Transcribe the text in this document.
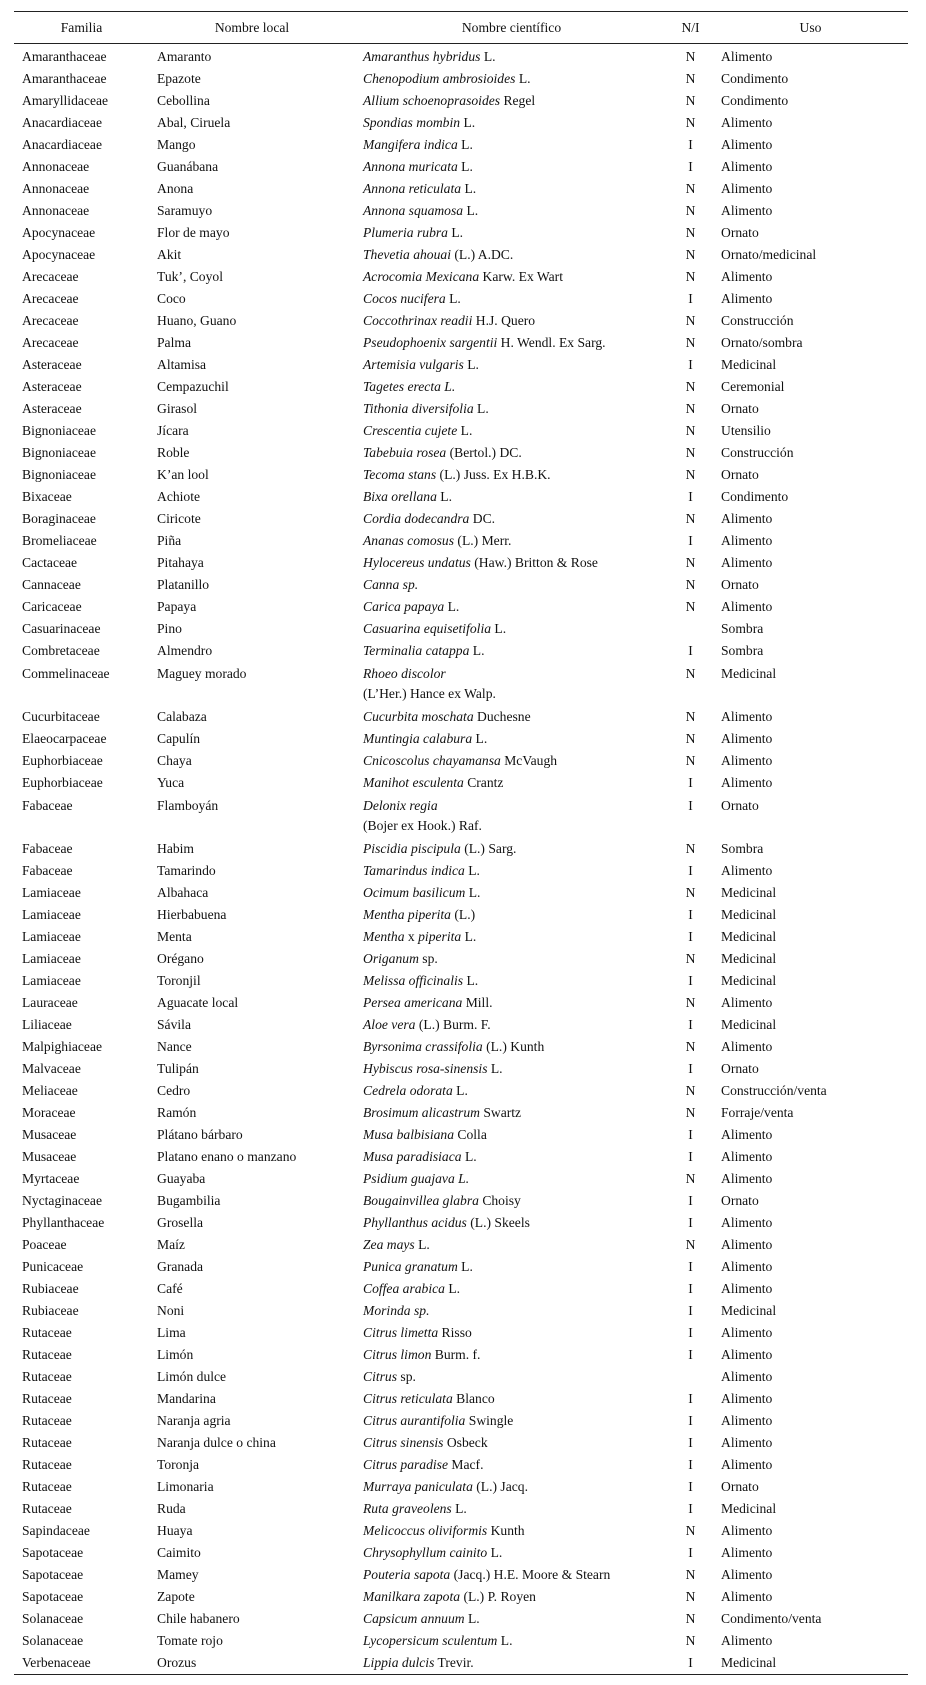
Familia	Nombre local	Nombre científico	N/I	Uso
Amaranthaceae	Amaranto	Amaranthus hybridus L.	N	Alimento
Amaranthaceae	Epazote	Chenopodium ambrosioides L.	N	Condimento
Amaryllidaceae	Cebollina	Allium schoenoprasoides Regel	N	Condimento
Anacardiaceae	Abal, Ciruela	Spondias mombin L.	N	Alimento
Anacardiaceae	Mango	Mangifera indica L.	I	Alimento
Annonaceae	Guanábana	Annona muricata L.	I	Alimento
Annonaceae	Anona	Annona reticulata L.	N	Alimento
Annonaceae	Saramuyo	Annona squamosa L.	N	Alimento
Apocynaceae	Flor de mayo	Plumeria rubra L.	N	Ornato
Apocynaceae	Akit	Thevetia ahouai (L.) A.DC.	N	Ornato/medicinal
Arecaceae	Tuk’, Coyol	Acrocomia Mexicana Karw. Ex Wart	N	Alimento
Arecaceae	Coco	Cocos nucifera L.	I	Alimento
Arecaceae	Huano, Guano	Coccothrinax readii H.J. Quero	N	Construcción
Arecaceae	Palma	Pseudophoenix sargentii H. Wendl. Ex Sarg.	N	Ornato/sombra
Asteraceae	Altamisa	Artemisia vulgaris L.	I	Medicinal
Asteraceae	Cempazuchil	Tagetes erecta L.	N	Ceremonial
Asteraceae	Girasol	Tithonia diversifolia L.	N	Ornato
Bignoniaceae	Jícara	Crescentia cujete L.	N	Utensilio
Bignoniaceae	Roble	Tabebuia rosea (Bertol.) DC.	N	Construcción
Bignoniaceae	K’an lool	Tecoma stans (L.) Juss. Ex H.B.K.	N	Ornato
Bixaceae	Achiote	Bixa orellana L.	I	Condimento
Boraginaceae	Ciricote	Cordia dodecandra DC.	N	Alimento
Bromeliaceae	Piña	Ananas comosus (L.) Merr.	I	Alimento
Cactaceae	Pitahaya	Hylocereus undatus (Haw.) Britton & Rose	N	Alimento
Cannaceae	Platanillo	Canna sp.	N	Ornato
Caricaceae	Papaya	Carica papaya L.	N	Alimento
Casuarinaceae	Pino	Casuarina equisetifolia L.		Sombra
Combretaceae	Almendro	Terminalia catappa L.	I	Sombra
Commelinaceae	Maguey morado	Rhoeo discolor
(L’Her.) Hance ex Walp.	N	Medicinal
Cucurbitaceae	Calabaza	Cucurbita moschata Duchesne	N	Alimento
Elaeocarpaceae	Capulín	Muntingia calabura L.	N	Alimento
Euphorbiaceae	Chaya	Cnicoscolus chayamansa McVaugh	N	Alimento
Euphorbiaceae	Yuca	Manihot esculenta Crantz	I	Alimento
Fabaceae	Flamboyán	Delonix regia
(Bojer ex Hook.) Raf.	I	Ornato
Fabaceae	Habim	Piscidia piscipula (L.) Sarg.	N	Sombra
Fabaceae	Tamarindo	Tamarindus indica L.	I	Alimento
Lamiaceae	Albahaca	Ocimum basilicum L.	N	Medicinal
Lamiaceae	Hierbabuena	Mentha piperita (L.)	I	Medicinal
Lamiaceae	Menta	Mentha x piperita L.	I	Medicinal
Lamiaceae	Orégano	Origanum sp.	N	Medicinal
Lamiaceae	Toronjil	Melissa officinalis L.	I	Medicinal
Lauraceae	Aguacate local	Persea americana Mill.	N	Alimento
Liliaceae	Sávila	Aloe vera (L.) Burm. F.	I	Medicinal
Malpighiaceae	Nance	Byrsonima crassifolia (L.) Kunth	N	Alimento
Malvaceae	Tulipán	Hybiscus rosa-sinensis L.	I	Ornato
Meliaceae	Cedro	Cedrela odorata L.	N	Construcción/venta
Moraceae	Ramón	Brosimum alicastrum Swartz	N	Forraje/venta
Musaceae	Plátano bárbaro	Musa balbisiana Colla	I	Alimento
Musaceae	Platano enano o manzano	Musa paradisiaca L.	I	Alimento
Myrtaceae	Guayaba	Psidium guajava L.	N	Alimento
Nyctaginaceae	Bugambilia	Bougainvillea glabra Choisy	I	Ornato
Phyllanthaceae	Grosella	Phyllanthus acidus (L.) Skeels	I	Alimento
Poaceae	Maíz	Zea mays L.	N	Alimento
Punicaceae	Granada	Punica granatum L.	I	Alimento
Rubiaceae	Café	Coffea arabica L.	I	Alimento
Rubiaceae	Noni	Morinda sp.	I	Medicinal
Rutaceae	Lima	Citrus limetta Risso	I	Alimento
Rutaceae	Limón	Citrus limon Burm. f.	I	Alimento
Rutaceae	Limón dulce	Citrus sp.		Alimento
Rutaceae	Mandarina	Citrus reticulata Blanco	I	Alimento
Rutaceae	Naranja agria	Citrus aurantifolia Swingle	I	Alimento
Rutaceae	Naranja dulce o china	Citrus sinensis Osbeck	I	Alimento
Rutaceae	Toronja	Citrus paradise Macf.	I	Alimento
Rutaceae	Limonaria	Murraya paniculata (L.) Jacq.	I	Ornato
Rutaceae	Ruda	Ruta graveolens L.	I	Medicinal
Sapindaceae	Huaya	Melicoccus oliviformis Kunth	N	Alimento
Sapotaceae	Caimito	Chrysophyllum cainito L.	I	Alimento
Sapotaceae	Mamey	Pouteria sapota (Jacq.) H.E. Moore & Stearn	N	Alimento
Sapotaceae	Zapote	Manilkara zapota (L.) P. Royen	N	Alimento
Solanaceae	Chile habanero	Capsicum annuum L.	N	Condimento/venta
Solanaceae	Tomate rojo	Lycopersicum sculentum L.	N	Alimento
Verbenaceae	Orozus	Lippia dulcis Trevir.	I	Medicinal
